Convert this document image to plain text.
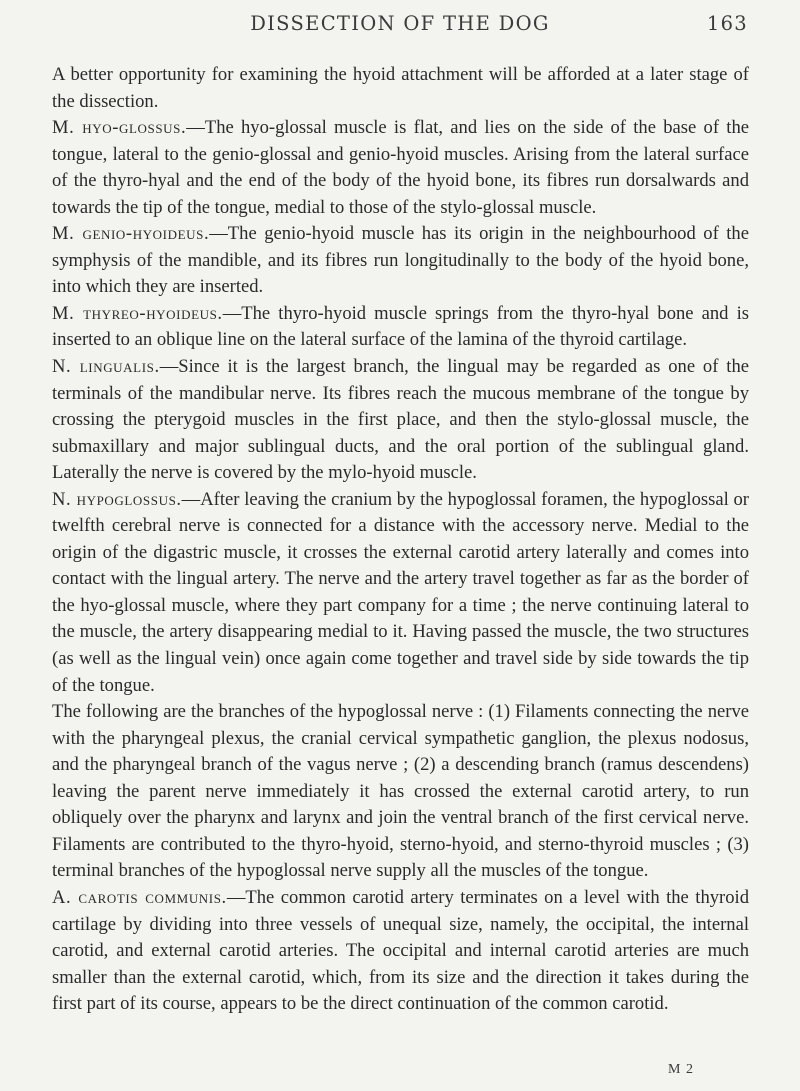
DISSECTION OF THE DOG	163

A better opportunity for examining the hyoid attachment will be afforded at a later stage of the dissection.

M. hyo-glossus.—The hyo-glossal muscle is flat, and lies on the side of the base of the tongue, lateral to the genio-glossal and genio-hyoid muscles. Arising from the lateral surface of the thyro-hyal and the end of the body of the hyoid bone, its fibres run dorsalwards and towards the tip of the tongue, medial to those of the stylo-glossal muscle.

M. genio-hyoideus.—The genio-hyoid muscle has its origin in the neighbourhood of the symphysis of the mandible, and its fibres run longitudinally to the body of the hyoid bone, into which they are inserted.

M. thyreo-hyoideus.—The thyro-hyoid muscle springs from the thyro-hyal bone and is inserted to an oblique line on the lateral surface of the lamina of the thyroid cartilage.

N. lingualis.—Since it is the largest branch, the lingual may be regarded as one of the terminals of the mandibular nerve. Its fibres reach the mucous membrane of the tongue by crossing the pterygoid muscles in the first place, and then the stylo-glossal muscle, the submaxillary and major sublingual ducts, and the oral portion of the sublingual gland. Laterally the nerve is covered by the mylo-hyoid muscle.

N. hypoglossus.—After leaving the cranium by the hypoglossal foramen, the hypoglossal or twelfth cerebral nerve is connected for a distance with the accessory nerve. Medial to the origin of the digastric muscle, it crosses the external carotid artery laterally and comes into contact with the lingual artery. The nerve and the artery travel together as far as the border of the hyo-glossal muscle, where they part company for a time ; the nerve continuing lateral to the muscle, the artery disappearing medial to it. Having passed the muscle, the two structures (as well as the lingual vein) once again come together and travel side by side towards the tip of the tongue.

The following are the branches of the hypoglossal nerve : (1) Filaments connecting the nerve with the pharyngeal plexus, the cranial cervical sympathetic ganglion, the plexus nodosus, and the pharyngeal branch of the vagus nerve ; (2) a descending branch (ramus descendens) leaving the parent nerve immediately it has crossed the external carotid artery, to run obliquely over the pharynx and larynx and join the ventral branch of the first cervical nerve. Filaments are contributed to the thyro-hyoid, sterno-hyoid, and sterno-thyroid muscles ; (3) terminal branches of the hypoglossal nerve supply all the muscles of the tongue.

A. carotis communis.—The common carotid artery terminates on a level with the thyroid cartilage by dividing into three vessels of unequal size, namely, the occipital, the internal carotid, and external carotid arteries. The occipital and internal carotid arteries are much smaller than the external carotid, which, from its size and the direction it takes during the first part of its course, appears to be the direct continuation of the common carotid.

M 2
